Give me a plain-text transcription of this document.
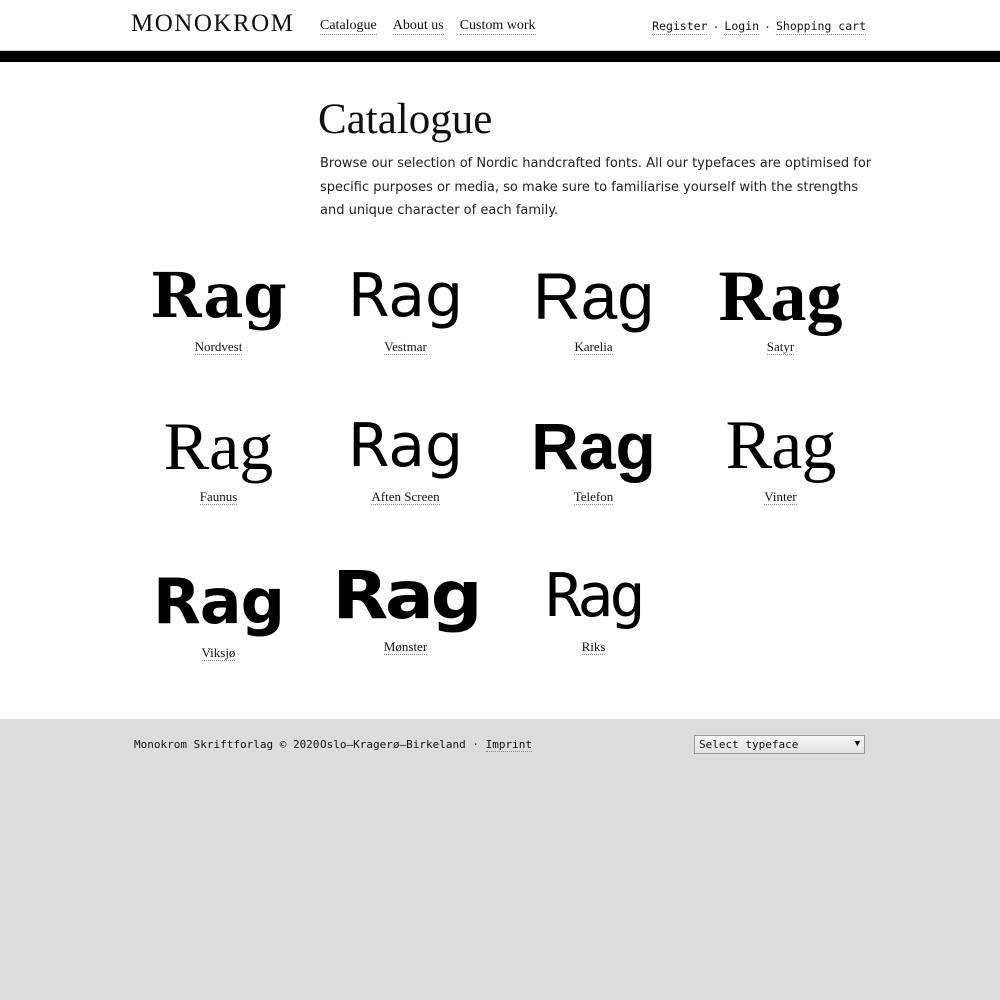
MONOKROM Catalogue About us Custom work	Register · Login · Shopping cart
Catalogue

Browse our selection of Nordic handcrafted fonts. All our typefaces are optimised for specific purposes or media, so make sure to familiarise yourself with the strengths and unique character of each family.

Rag
Nordvest
Rag
Vestmar
Rag
Karelia
Rag
Satyr
Rag
Faunus
Rag
Aften Screen
Rag
Telefon
Rag
Vinter
Rag
Viksjø
Rag
Mønster
Rag
Riks
Monokrom Skriftforlag © 2020 Oslo—Kragerø—Birkeland · Imprint	Select typeface	▼
